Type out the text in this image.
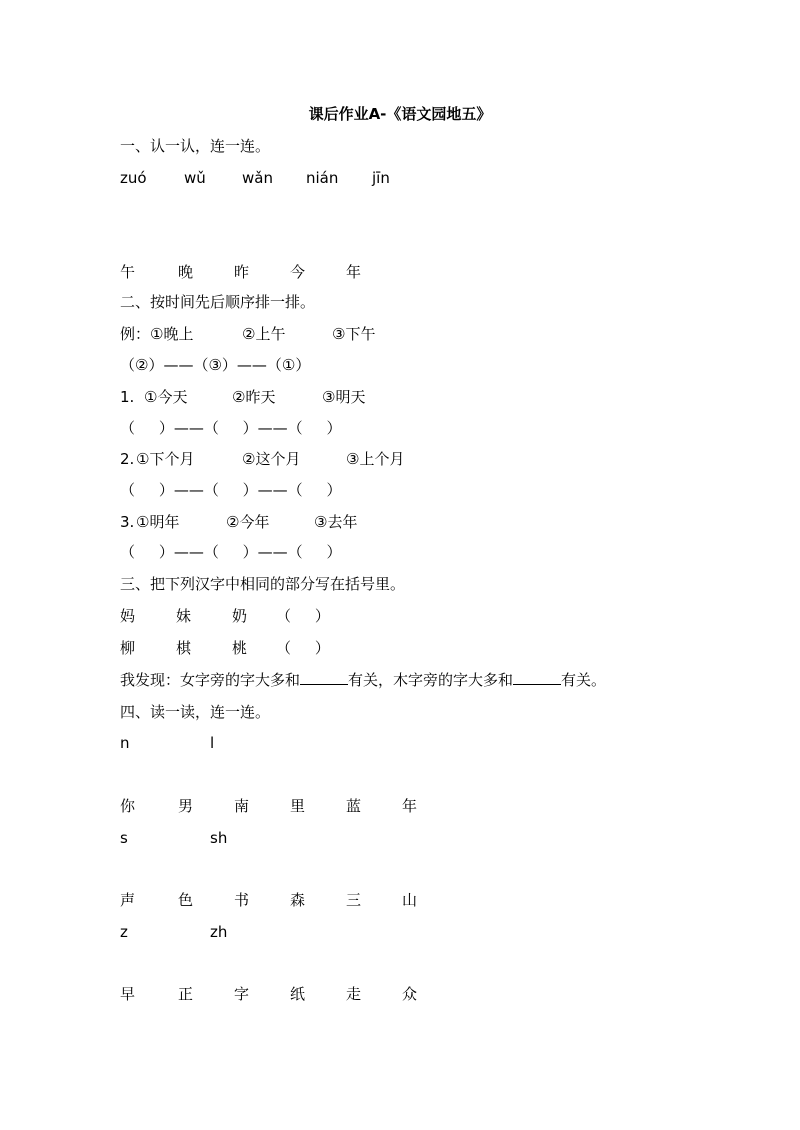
课后作业A-《语文园地五》
一、认一认，连一连。
zuó wǔ wǎn nián jīn
午	晚	昨	今	年
二、按时间先后顺序排一排。
例： ①晚上	②上午	③下午
（②）——（③）——（①）
1. ①今天	②昨天	③明天
（     ）——（     ）——（     ）
2. ①下个月	②这个月	③上个月
（     ）——（     ）——（     ）
3. ①明年	②今年	③去年
（     ）——（     ）——（     ）
三、把下列汉字中相同的部分写在括号里。
妈	妹	奶 （     ）
柳	棋	桃 （     ）
我发现：女字旁的字大多和	有关，木字旁的字大多和	有关。
四、读一读，连一连。
n	l
你	男	南	里	蓝	年
s	sh
声	色	书	森	三	山
z	zh
早	正	字	纸	走	众
